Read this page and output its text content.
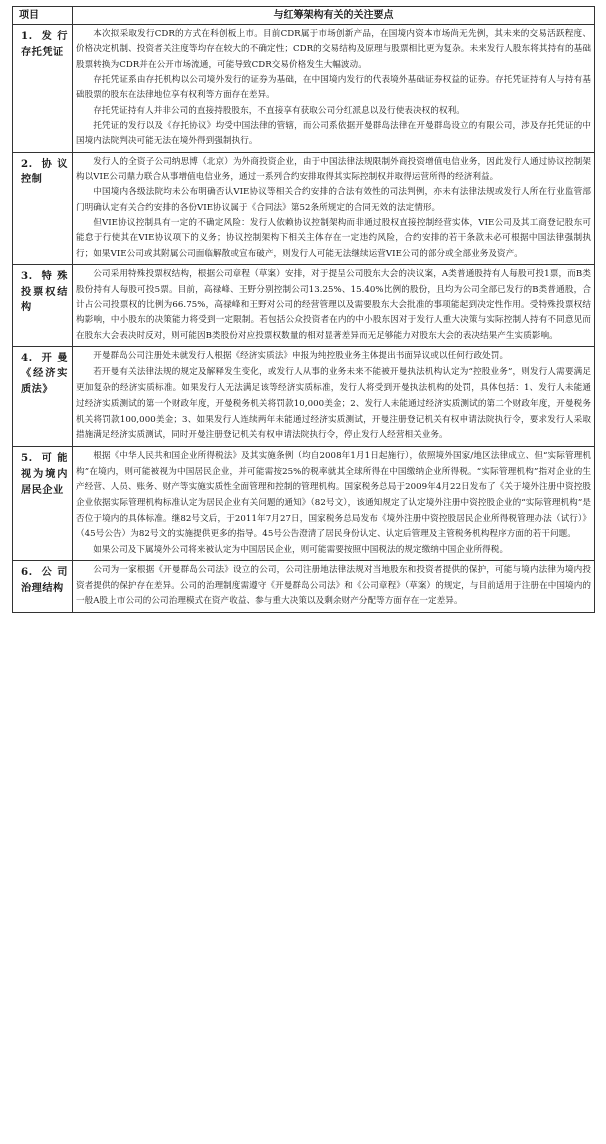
项目	与红筹架构有关的关注要点
1. 发行存托凭证	本次拟采取发行CDR的方式在科创板上市。目前CDR属于市场创新产品，在国境内资本市场尚无先例，其未来的交易活跃程度、价格决定机制、投资者关注度等均存在较大的不确定性；CDR的交易结构及原理与股票相比更为复杂。未来发行人股东将其持有的基础股票转换为CDR并在公开市场流通，可能导致CDR交易价格发生大幅波动。

存托凭证系由存托机构以公司境外发行的证券为基础，在中国境内发行的代表境外基础证券权益的证券。存托凭证持有人与持有基础股票的股东在法律地位享有权利等方面存在差异。

存托凭证持有人并非公司的直接持股股东，不直接享有获取公司分红派息以及行使表决权的权利。

托凭证的发行以及《存托协议》均受中国法律的管辖，而公司系依据开曼群岛法律在开曼群岛设立的有限公司，涉及存托凭证的中国境内法院判决可能无法在境外得到强制执行。

2. 协议控制	发行人的全资子公司纳思博（北京）为外商投资企业，由于中国法律法规限制外商投资增值电信业务，因此发行人通过协议控制架构以VIE公司鼎力联合从事增值电信业务，通过一系列合约安排取得其实际控制权并取得运营所得的经济利益。

中国境内各级法院均未公布明确否认VIE协议等相关合约安排的合法有效性的司法判例，亦未有法律法规或发行人所在行业监管部门明确认定有关合约安排的各份VIE协议属于《合同法》第52条所规定的合同无效的法定情形。

但VIE协议控制具有一定的不确定风险：发行人依赖协议控制架构而非通过股权直接控制经营实体，VIE公司及其工商登记股东可能怠于行使其在VIE协议项下的义务；协议控制架构下相关主体存在一定违约风险，合约安排的若干条款未必可根据中国法律强制执行；如果VIE公司或其附属公司面临解散或宣布破产，则发行人可能无法继续运营VIE公司的部分或全部业务及资产。

3. 特殊投票权结构	公司采用特殊投票权结构，根据公司章程（草案）安排，对于提呈公司股东大会的决议案，A类普通股持有人每股可投1票，而B类股份持有人每股可投5票。目前，高禄峰、王野分别控制公司13.25%、15.40%比例的股份，且均为公司全部已发行的B类普通股，合计占公司投票权的比例为66.75%，高禄峰和王野对公司的经营管理以及需要股东大会批准的事项能起到决定性作用。受特殊投票权结构影响，中小股东的决策能力将受到一定限制。若包括公众投资者在内的中小股东因对于发行人重大决策与实际控制人持有不同意见而在股东大会表决时反对，则可能因B类股份对应投票权数量的相对显著差异而无足够能力对股东大会的表决结果产生实质影响。

4. 开曼《经济实质法》	开曼群岛公司注册处未就发行人根据《经济实质法》申报为纯控股业务主体提出书面异议或以任何行政处罚。

若开曼有关法律法规的规定及解释发生变化，或发行人从事的业务未来不能被开曼执法机构认定为“控股业务”，则发行人需要满足更加复杂的经济实质标准。如果发行人无法满足该等经济实质标准，发行人将受到开曼执法机构的处罚，具体包括：1、发行人未能通过经济实质测试的第一个财政年度，开曼税务机关将罚款10,000美金；2、发行人未能通过经济实质测试的第二个财政年度，开曼税务机关将罚款100,000美金；3、如果发行人连续两年未能通过经济实质测试，开曼注册登记机关有权申请法院执行令，要求发行人采取措施满足经济实质测试，同时开曼注册登记机关有权申请法院执行令，停止发行人经营相关业务。

5. 可能视为境内居民企业	根据《中华人民共和国企业所得税法》及其实施条例（均自2008年1月1日起施行），依照境外国家/地区法律成立、但“实际管理机构”在境内，则可能被视为中国居民企业，并可能需按25%的税率就其全球所得在中国缴纳企业所得税。“实际管理机构”指对企业的生产经营、人员、账务、财产等实施实质性全面管理和控制的管理机构。国家税务总局于2009年4月22日发布了《关于境外注册中资控股企业依据实际管理机构标准认定为居民企业有关问题的通知》（82号文），该通知规定了认定境外注册中资控股企业的“实际管理机构”是否位于境内的具体标准。继82号文后，于2011年7月27日，国家税务总局发布《境外注册中资控股居民企业所得税管理办法（试行）》（45号公告）为82号文的实施提供更多的指导。45号公告澄清了居民身份认定、认定后管理及主管税务机构程序方面的若干问题。

如果公司及下属境外公司将来被认定为中国居民企业，则可能需要按照中国税法的规定缴纳中国企业所得税。

6. 公司治理结构	公司为一家根据《开曼群岛公司法》设立的公司，公司注册地法律法规对当地股东和投资者提供的保护，可能与境内法律为境内投资者提供的保护存在差异。公司的治理制度需遵守《开曼群岛公司法》和《公司章程》（草案）的规定，与目前适用于注册在中国境内的一般A股上市公司的公司治理模式在资产收益、参与重大决策以及剩余财产分配等方面存在一定差异。
